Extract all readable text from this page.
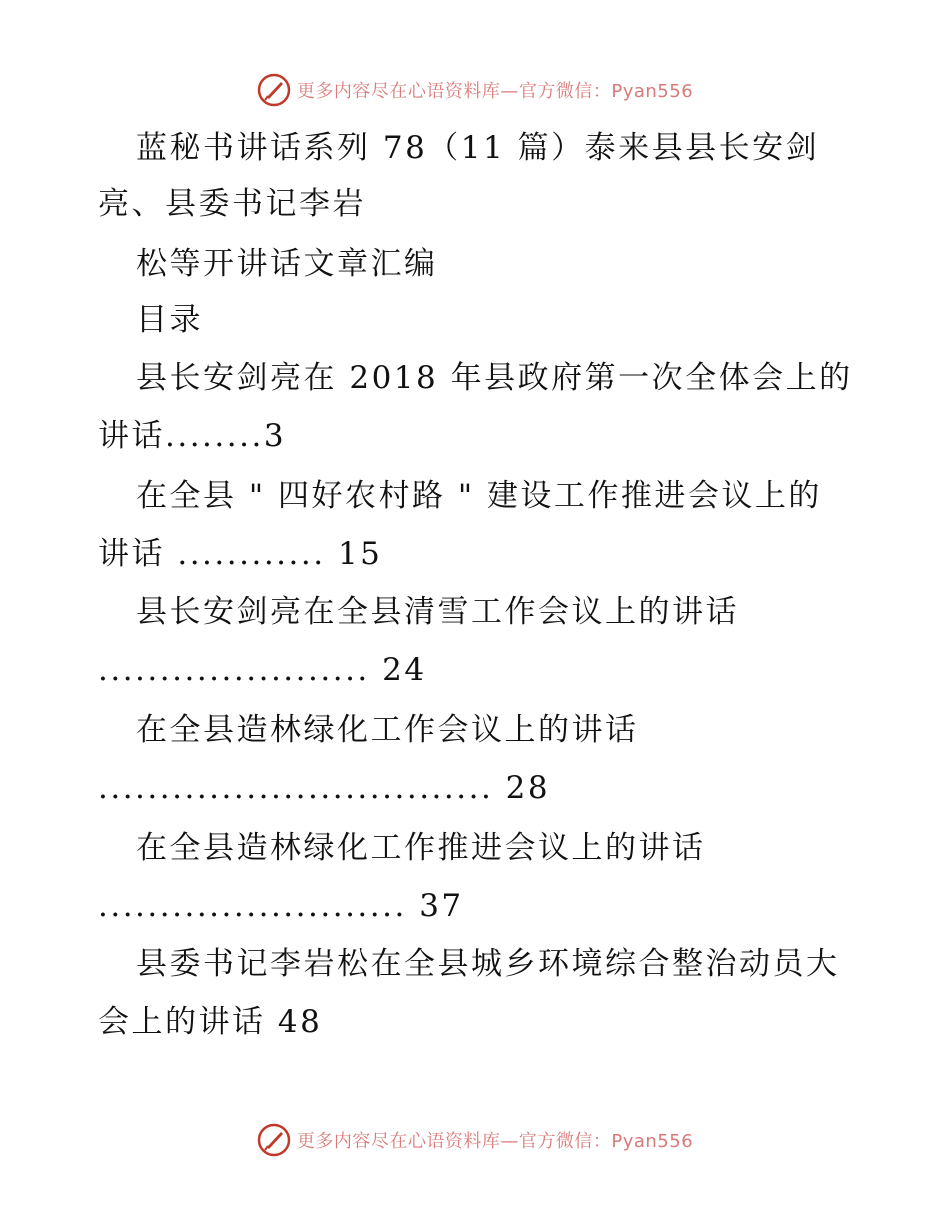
更多内容尽在心语资料库—官方微信：Pyan556
蓝秘书讲话系列 78（11 篇）泰来县县长安剑
亮、县委书记李岩
松等开讲话文章汇编
目录
县长安剑亮在 2018 年县政府第一次全体会上的
讲话........3
在全县 " 四好农村路 " 建设工作推进会议上的
讲话 ............ 15
县长安剑亮在全县清雪工作会议上的讲话
...................... 24
在全县造林绿化工作会议上的讲话
................................ 28
在全县造林绿化工作推进会议上的讲话
......................... 37
县委书记李岩松在全县城乡环境综合整治动员大
会上的讲话 48
更多内容尽在心语资料库—官方微信：Pyan556
